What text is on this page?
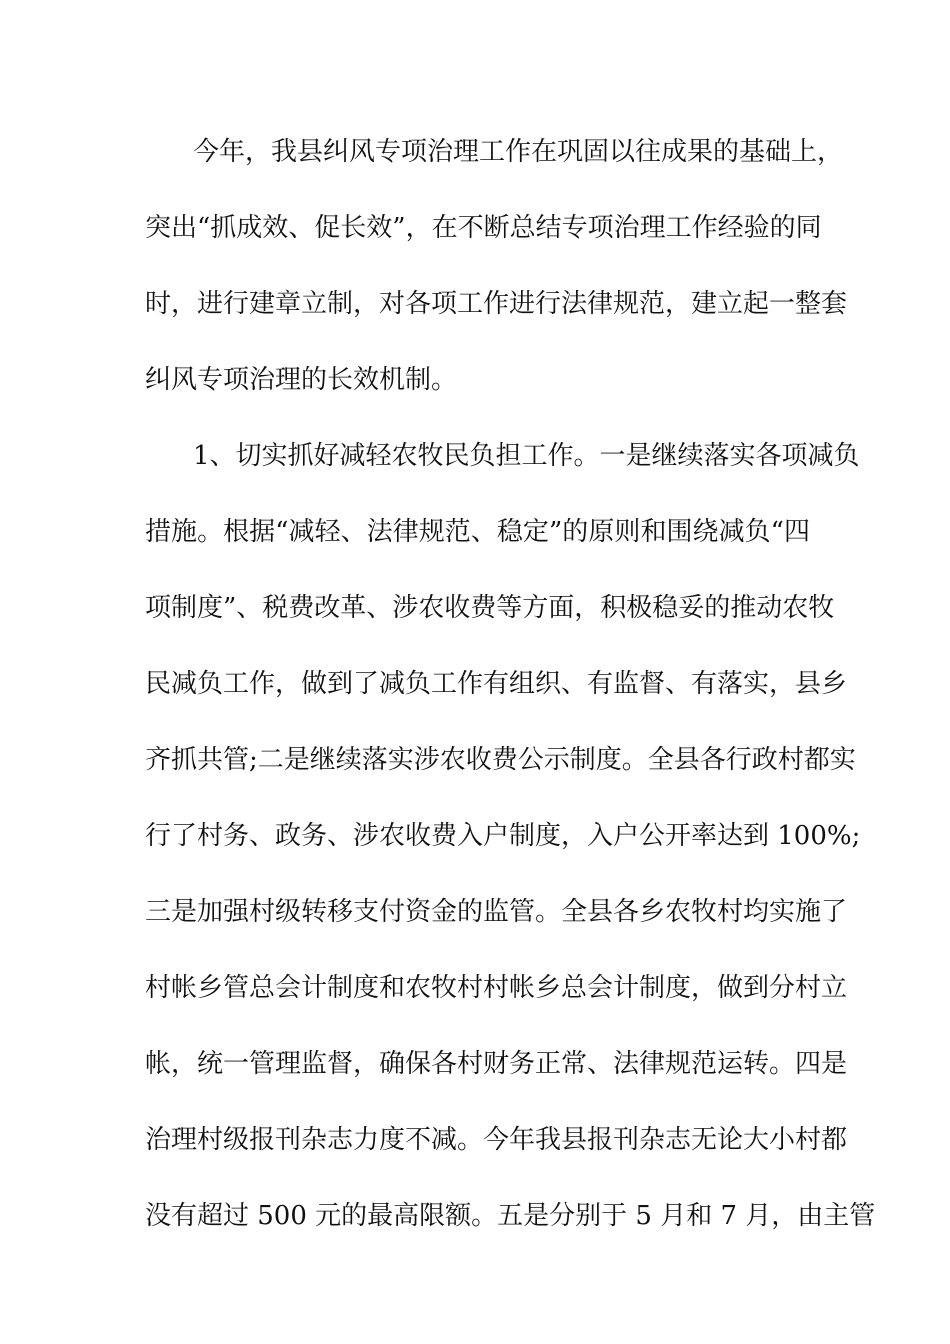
今年，我县纠风专项治理工作在巩固以往成果的基础上，
突出“抓成效、促长效”，在不断总结专项治理工作经验的同
时，进行建章立制，对各项工作进行法律规范，建立起一整套
纠风专项治理的长效机制。
1、切实抓好减轻农牧民负担工作。一是继续落实各项减负
措施。根据“减轻、法律规范、稳定”的原则和围绕减负“四
项制度”、税费改革、涉农收费等方面，积极稳妥的推动农牧
民减负工作，做到了减负工作有组织、有监督、有落实，县乡
齐抓共管;二是继续落实涉农收费公示制度。全县各行政村都实
行了村务、政务、涉农收费入户制度，入户公开率达到 100%;
三是加强村级转移支付资金的监管。全县各乡农牧村均实施了
村帐乡管总会计制度和农牧村村帐乡总会计制度，做到分村立
帐，统一管理监督，确保各村财务正常、法律规范运转。四是
治理村级报刊杂志力度不减。今年我县报刊杂志无论大小村都
没有超过 500 元的最高限额。五是分别于 5 月和 7 月，由主管
